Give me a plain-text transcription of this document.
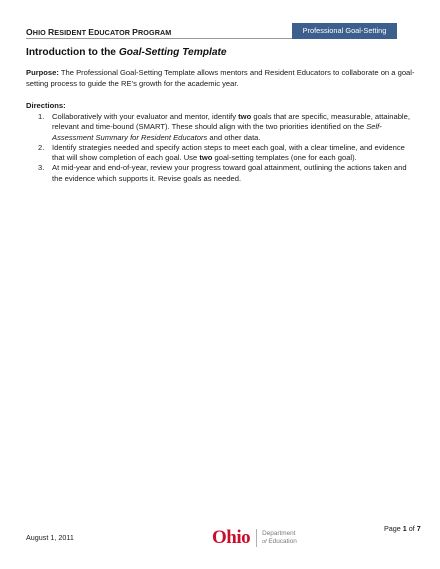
OHIO RESIDENT EDUCATOR PROGRAM	Professional Goal-Setting
Introduction to the Goal-Setting Template
Purpose: The Professional Goal-Setting Template allows mentors and Resident Educators to collaborate on a goal-setting process to guide the RE’s growth for the academic year.
Directions:
1. Collaboratively with your evaluator and mentor, identify two goals that are specific, measurable, attainable, relevant and time-bound (SMART). These should align with the two priorities identified on the Self-Assessment Summary for Resident Educators and other data.
2. Identify strategies needed and specify action steps to meet each goal, with a clear timeline, and evidence that will show completion of each goal. Use two goal-setting templates (one for each goal).
3. At mid-year and end-of-year, review your progress toward goal attainment, outlining the actions taken and the evidence which supports it. Revise goals as needed.
August 1, 2011	Ohio Department
of Education
Page 1 of 7
